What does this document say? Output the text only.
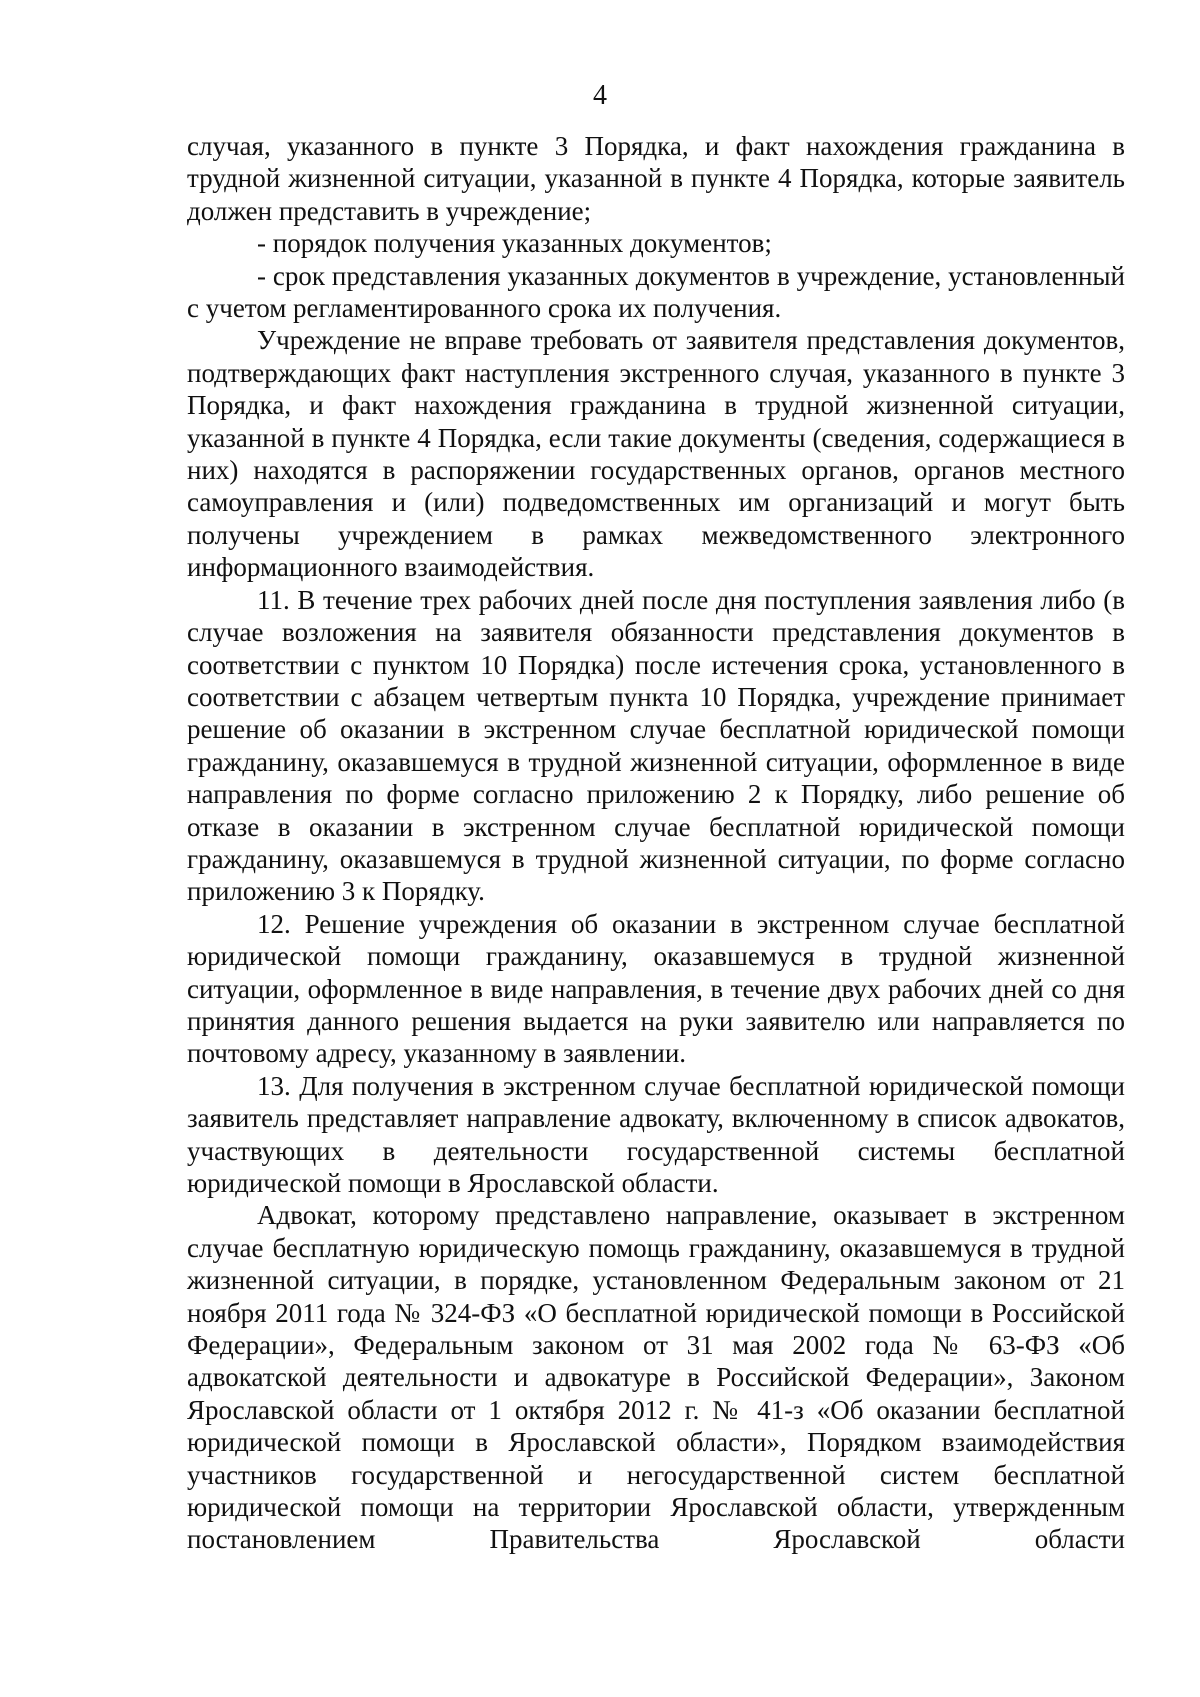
4

случая, указанного в пункте 3 Порядка, и факт нахождения гражданина в трудной жизненной ситуации, указанной в пункте 4 Порядка, которые заявитель должен представить в учреждение;

- порядок получения указанных документов;

- срок представления указанных документов в учреждение, установленный с учетом регламентированного срока их получения.

Учреждение не вправе требовать от заявителя представления документов, подтверждающих факт наступления экстренного случая, указанного в пункте 3 Порядка, и факт нахождения гражданина в трудной жизненной ситуации, указанной в пункте 4 Порядка, если такие документы (сведения, содержащиеся в них) находятся в распоряжении государственных органов, органов местного самоуправления и (или) подведомственных им организаций и могут быть получены учреждением в рамках межведомственного электронного информационного взаимодействия.

11. В течение трех рабочих дней после дня поступления заявления либо (в случае возложения на заявителя обязанности представления документов в соответствии с пунктом 10 Порядка) после истечения срока, установленного в соответствии с абзацем четвертым пункта 10 Порядка, учреждение принимает решение об оказании в экстренном случае бесплатной юридической помощи гражданину, оказавшемуся в трудной жизненной ситуации, оформленное в виде направления по форме согласно приложению 2 к Порядку, либо решение об отказе в оказании в экстренном случае бесплатной юридической помощи гражданину, оказавшемуся в трудной жизненной ситуации, по форме согласно приложению 3 к Порядку.

12. Решение учреждения об оказании в экстренном случае бесплатной юридической помощи гражданину, оказавшемуся в трудной жизненной ситуации, оформленное в виде направления, в течение двух рабочих дней со дня принятия данного решения выдается на руки заявителю или направляется по почтовому адресу, указанному в заявлении.

13. Для получения в экстренном случае бесплатной юридической помощи заявитель представляет направление адвокату, включенному в список адвокатов, участвующих в деятельности государственной системы бесплатной юридической помощи в Ярославской области.

Адвокат, которому представлено направление, оказывает в экстренном случае бесплатную юридическую помощь гражданину, оказавшемуся в трудной жизненной ситуации, в порядке, установленном Федеральным законом от 21 ноября 2011 года № 324-ФЗ «О бесплатной юридической помощи в Российской Федерации», Федеральным законом от 31 мая 2002 года № 63-ФЗ «Об адвокатской деятельности и адвокатуре в Российской Федерации», Законом Ярославской области от 1 октября 2012 г. № 41-з «Об оказании бесплатной юридической помощи в Ярославской области», Порядком взаимодействия участников государственной и негосударственной систем бесплатной юридической помощи на территории Ярославской области, утвержденным постановлением Правительства Ярославской области
